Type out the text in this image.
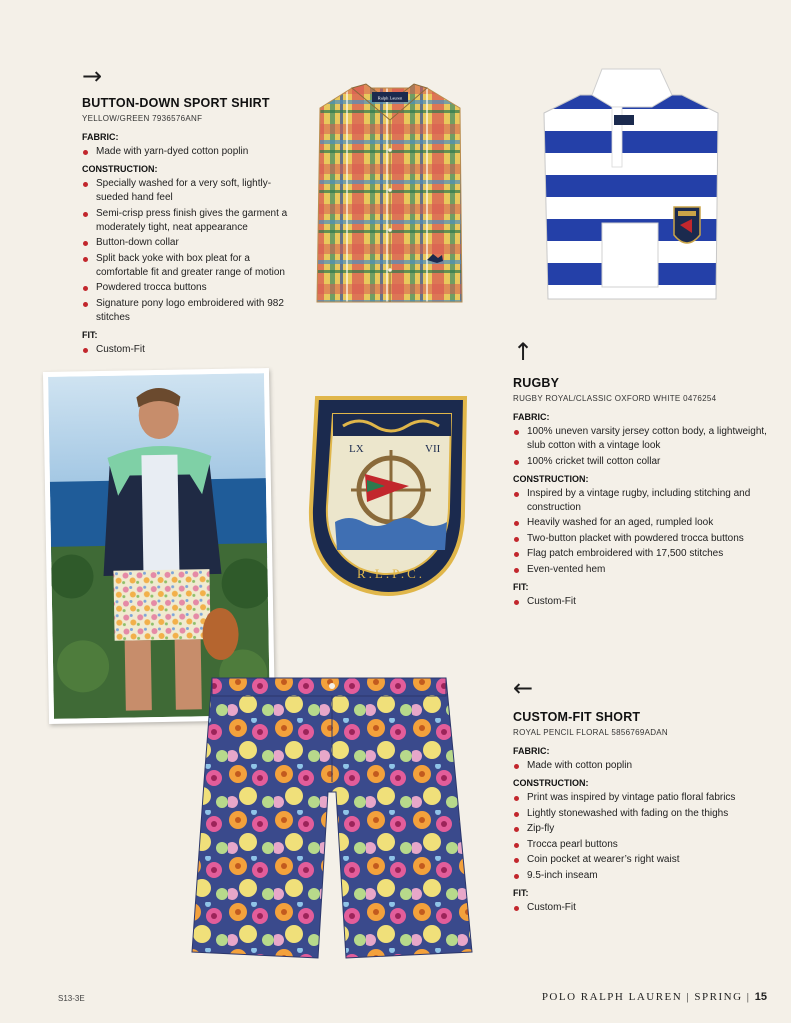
→
BUTTON-DOWN SPORT SHIRT
YELLOW/GREEN 7936576ANF
FABRIC:
Made with yarn-dyed cotton poplin
CONSTRUCTION:
Specially washed for a very soft, lightly-sueded hand feel
Semi-crisp press finish gives the garment a moderately tight, neat appearance
Button-down collar
Split back yoke with box pleat for a comfortable fit and greater range of motion
Powdered trocca buttons
Signature pony logo embroidered with 982 stitches
FIT:
Custom-Fit
Ralph Lauren
↑
RUGBY
RUGBY ROYAL/CLASSIC OXFORD WHITE 0476254
FABRIC:
100% uneven varsity jersey cotton body, a lightweight, slub cotton with a vintage look
100% cricket twill cotton collar
CONSTRUCTION:
Inspired by a vintage rugby, including stitching and construction
Heavily washed for an aged, rumpled look
Two-button placket with powdered trocca buttons
Flag patch embroidered with 17,500 stitches
Even-vented hem
FIT:
Custom-Fit
LX	VII
R.L.P.C.
←
CUSTOM-FIT SHORT
ROYAL PENCIL FLORAL 5856769ADAN
FABRIC:
Made with cotton poplin
CONSTRUCTION:
Print was inspired by vintage patio floral fabrics
Lightly stonewashed with fading on the thighs
Zip-fly
Trocca pearl buttons
Coin pocket at wearer’s right waist
9.5-inch inseam
FIT:
Custom-Fit
S13-3E	POLO RALPH LAUREN | SPRING | 15
